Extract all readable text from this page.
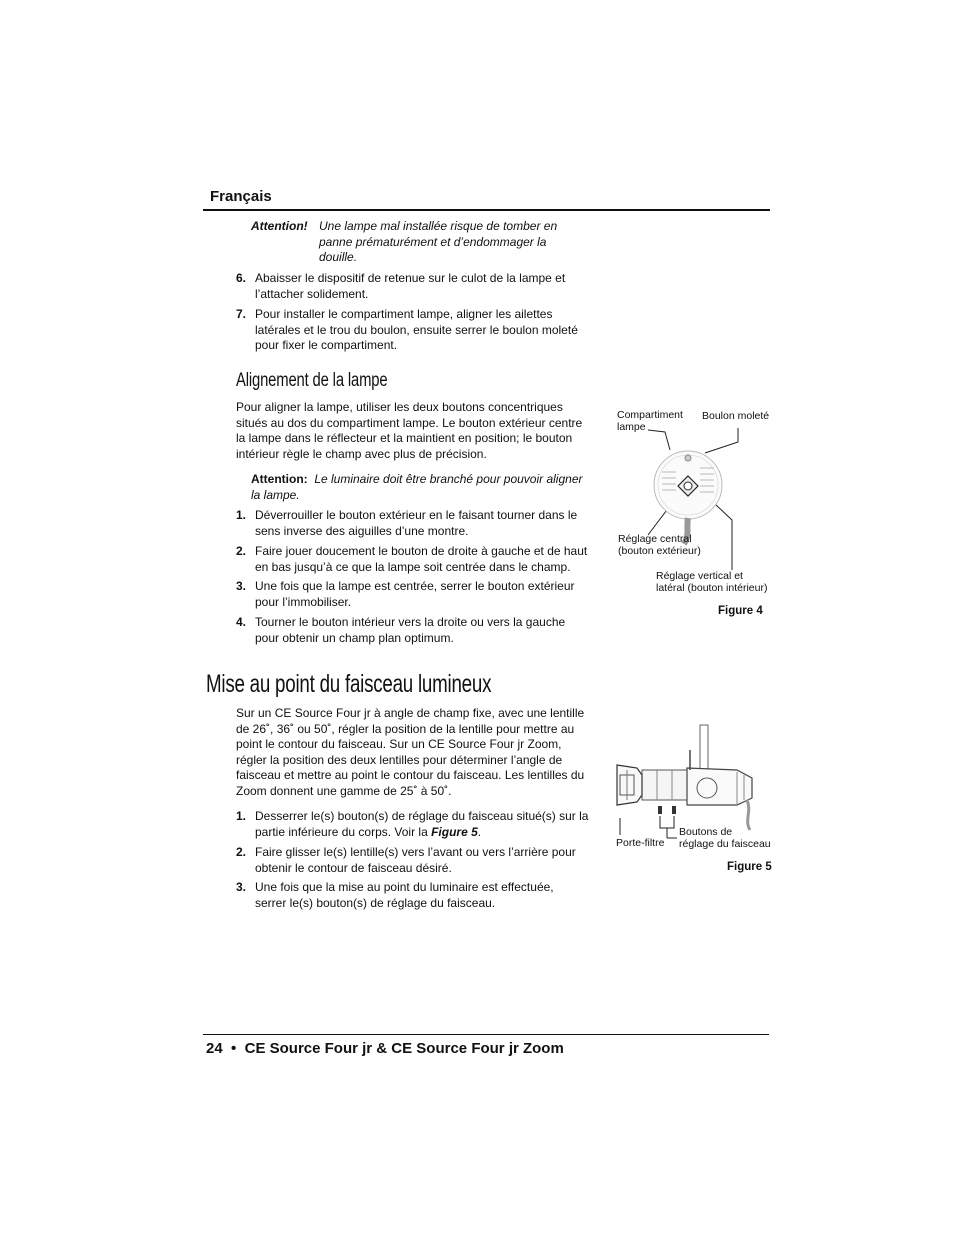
Français
Attention! Une lampe mal installée risque de tomber en
panne prématurément et d’endommager la
douille.
6. Abaisser le dispositif de retenue sur le culot de la lampe et
l’attacher solidement.
7. Pour installer le compartiment lampe, aligner les ailettes
latérales et le trou du boulon, ensuite serrer le boulon moleté
pour fixer le compartiment.
Alignement de la lampe
Pour aligner la lampe, utiliser les deux boutons concentriques
situés au dos du compartiment lampe. Le bouton extérieur centre
la lampe dans le réflecteur et la maintient en position; le bouton
intérieur règle le champ avec plus de précision.
Attention: Le luminaire doit être branché pour pouvoir aligner
la lampe.
1. Déverrouiller le bouton extérieur en le faisant tourner dans le
sens inverse des aiguilles d’une montre.
2. Faire jouer doucement le bouton de droite à gauche et de haut
en bas jusqu’à ce que la lampe soit centrée dans le champ.
3. Une fois que la lampe est centrée, serrer le bouton extérieur
pour l’immobiliser.
4. Tourner le bouton intérieur vers la droite ou vers la gauche
pour obtenir un champ plan optimum.
Compartiment
lampe
Boulon moleté
Réglage central
(bouton extérieur)
Réglage vertical et
latéral (bouton intérieur)
Figure 4
Mise au point du faisceau lumineux
Sur un CE Source Four jr à angle de champ fixe, avec une lentille
de 26˚, 36˚ ou 50˚, régler la position de la lentille pour mettre au
point le contour du faisceau. Sur un CE Source Four jr Zoom,
régler la position des deux lentilles pour déterminer l’angle de
faisceau et mettre au point le contour du faisceau. Les lentilles du
Zoom donnent une gamme de 25˚ à 50˚.
1. Desserrer le(s) bouton(s) de réglage du faisceau situé(s) sur la
partie inférieure du corps. Voir la Figure 5.
2. Faire glisser le(s) lentille(s) vers l’avant ou vers l’arrière pour
obtenir le contour de faisceau désiré.
3. Une fois que la mise au point du luminaire est effectuée,
serrer le(s) bouton(s) de réglage du faisceau.
Porte-filtre
Boutons de
réglage du faisceau
Figure 5
24  •  CE Source Four jr & CE Source Four jr Zoom
